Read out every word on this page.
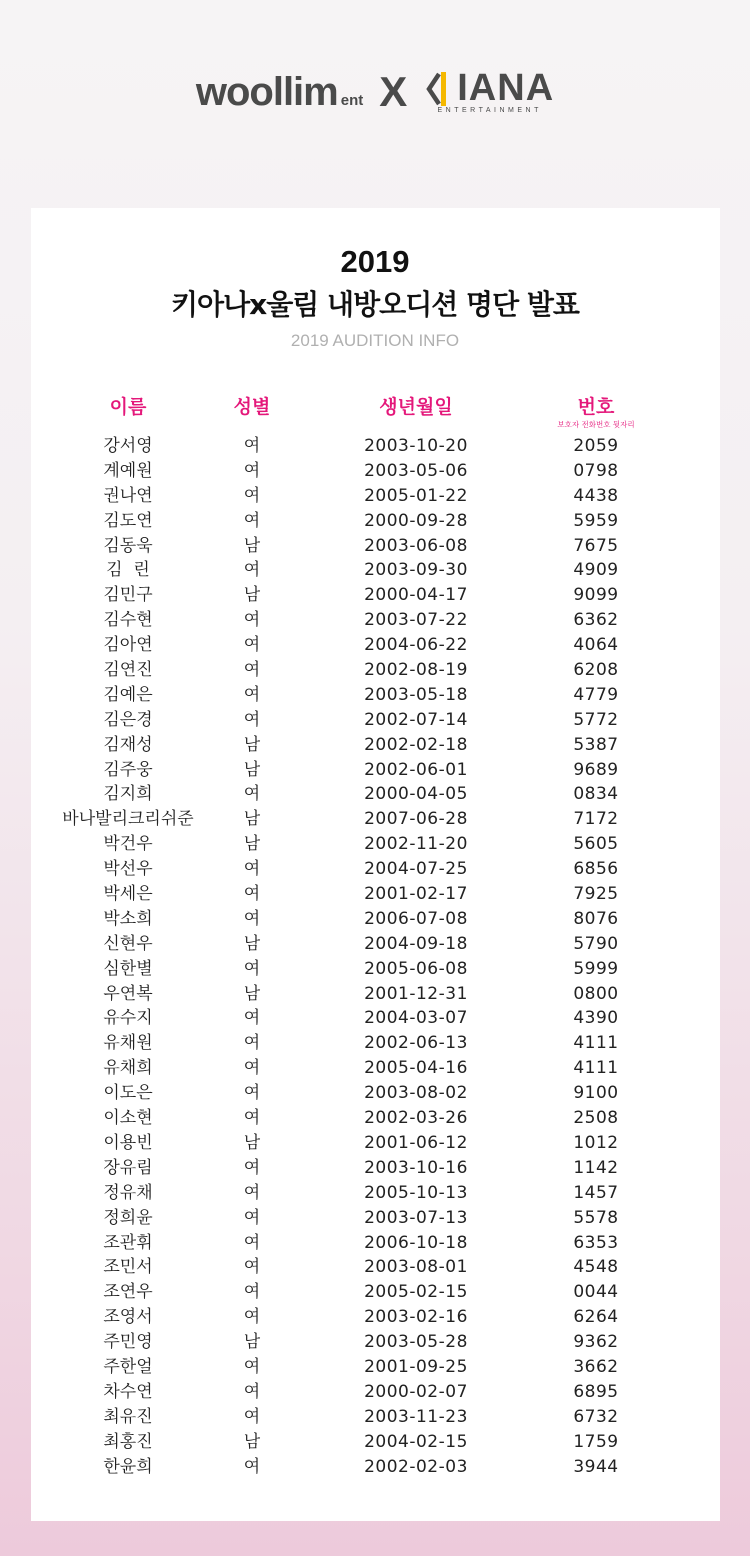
woollim ent X IANA
ENTERTAINMENT
2019
키아나x울림 내방오디션 명단 발표
2019 AUDITION INFO
이름	성별	생년월일	번호
보호자 전화번호 뒷자리
강서영	여	2003-10-20	2059
계예원	여	2003-05-06	0798
권나연	여	2005-01-22	4438
김도연	여	2000-09-28	5959
김동욱	남	2003-06-08	7675
김  린	여	2003-09-30	4909
김민구	남	2000-04-17	9099
김수현	여	2003-07-22	6362
김아연	여	2004-06-22	4064
김연진	여	2002-08-19	6208
김예은	여	2003-05-18	4779
김은경	여	2002-07-14	5772
김재성	남	2002-02-18	5387
김주웅	남	2002-06-01	9689
김지희	여	2000-04-05	0834
바나발리크리쉬준	남	2007-06-28	7172
박건우	남	2002-11-20	5605
박선우	여	2004-07-25	6856
박세은	여	2001-02-17	7925
박소희	여	2006-07-08	8076
신현우	남	2004-09-18	5790
심한별	여	2005-06-08	5999
우연복	남	2001-12-31	0800
유수지	여	2004-03-07	4390
유채원	여	2002-06-13	4111
유채희	여	2005-04-16	4111
이도은	여	2003-08-02	9100
이소현	여	2002-03-26	2508
이용빈	남	2001-06-12	1012
장유림	여	2003-10-16	1142
정유채	여	2005-10-13	1457
정희윤	여	2003-07-13	5578
조관휘	여	2006-10-18	6353
조민서	여	2003-08-01	4548
조연우	여	2005-02-15	0044
조영서	여	2003-02-16	6264
주민영	남	2003-05-28	9362
주한얼	여	2001-09-25	3662
차수연	여	2000-02-07	6895
최유진	여	2003-11-23	6732
최홍진	남	2004-02-15	1759
한윤희	여	2002-02-03	3944
